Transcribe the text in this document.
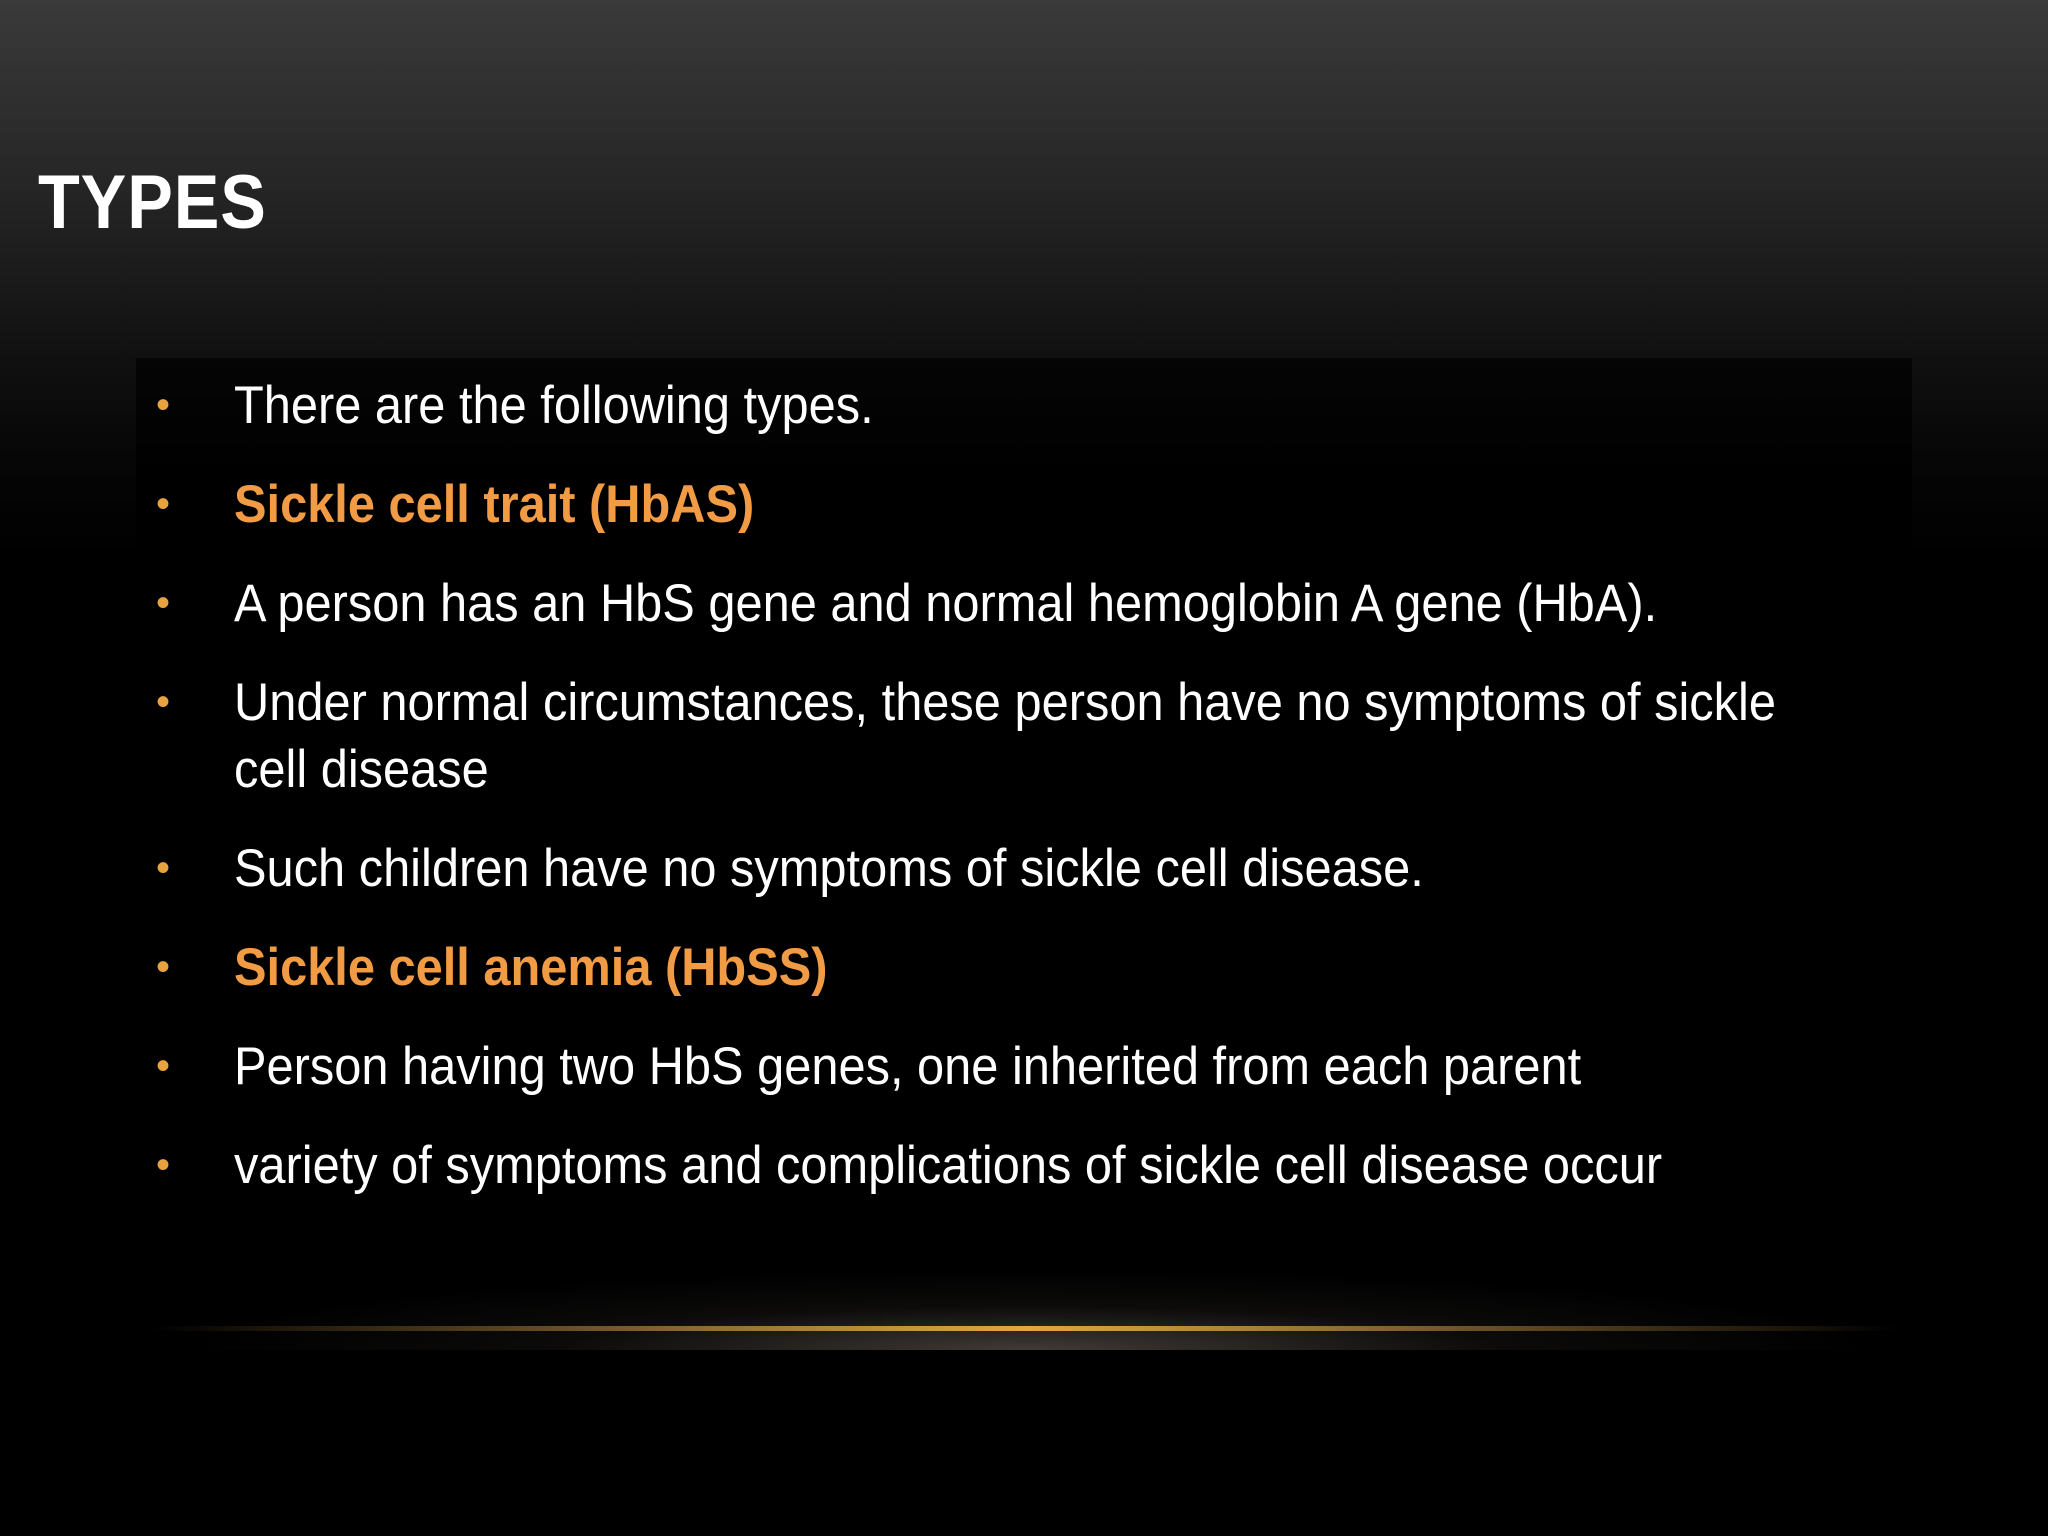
TYPES
• There are the following types.
• Sickle cell trait (HbAS)
• A person has an HbS gene and normal hemoglobin A gene (HbA).
• Under normal circumstances, these person have no symptoms of sickle cell disease
• Such children have no symptoms of sickle cell disease.
• Sickle cell anemia (HbSS)
• Person having two HbS genes, one inherited from each parent
• variety of symptoms and complications of sickle cell disease occur
